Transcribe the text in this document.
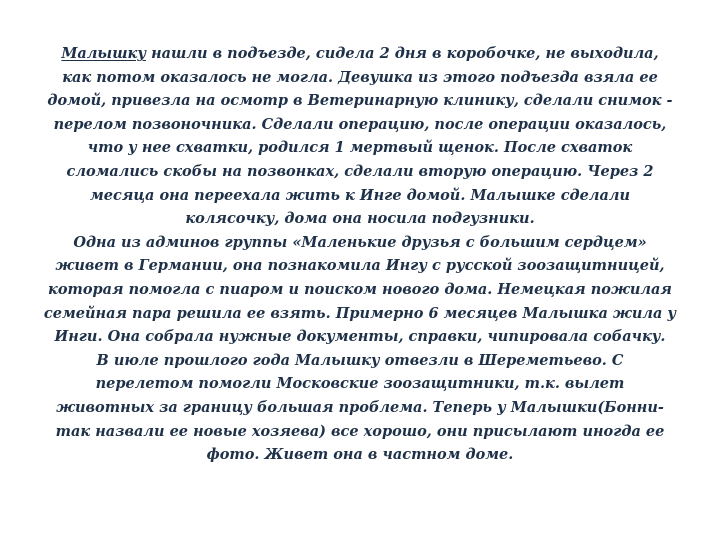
Малышку нашли в подъезде, сидела 2 дня в коробочке, не выходила,
как потом оказалось не могла. Девушка из этого подъезда взяла ее
домой, привезла на осмотр в Ветеринарную клинику, сделали снимок -
перелом позвоночника. Сделали операцию, после операции оказалось,
что у нее схватки, родился 1 мертвый щенок. После схваток
сломались скобы на позвонках, сделали вторую операцию. Через 2
месяца она переехала жить к Инге домой. Малышке сделали
колясочку, дома она носила подгузники.
Одна из админов группы «Маленькие друзья с большим сердцем»
живет в Германии, она познакомила Ингу с русской зоозащитницей,
которая помогла с пиаром и поиском нового дома. Немецкая пожилая
семейная пара решила ее взять. Примерно 6 месяцев Малышка жила у
Инги. Она собрала нужные документы, справки, чипировала собачку.
В июле прошлого года Малышку отвезли в Шереметьево. С
перелетом помогли Московские зоозащитники, т.к. вылет
животных за границу большая проблема. Теперь у Малышки(Бонни-
так назвали ее новые хозяева) все хорошо, они присылают иногда ее
фото. Живет она в частном доме.
